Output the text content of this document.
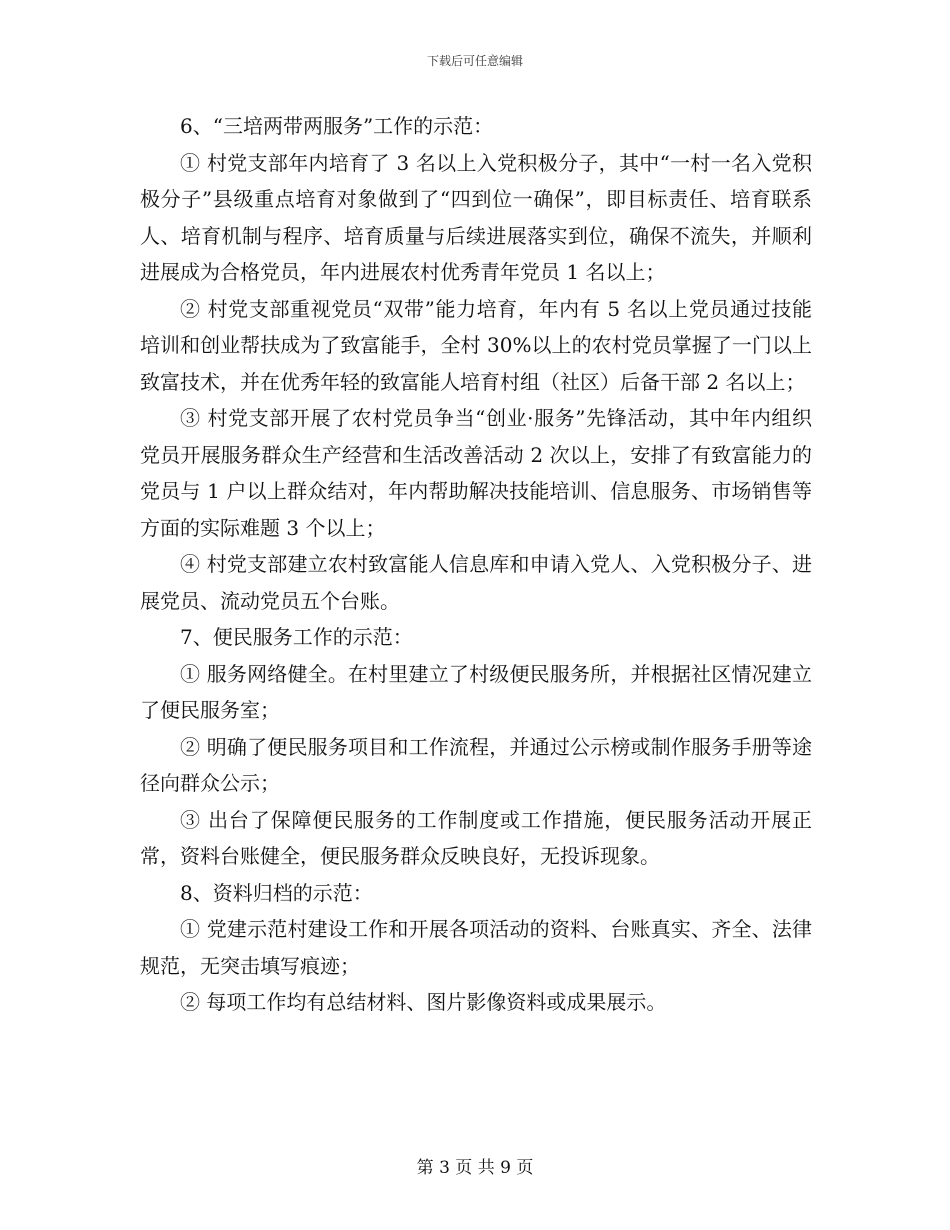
下载后可任意编辑

6、“三培两带两服务”工作的示范：

① 村党支部年内培育了 3 名以上入党积极分子，其中“一村一名入党积极分子”县级重点培育对象做到了“四到位一确保”，即目标责任、培育联系人、培育机制与程序、培育质量与后续进展落实到位，确保不流失，并顺利进展成为合格党员，年内进展农村优秀青年党员 1 名以上；

② 村党支部重视党员“双带”能力培育，年内有 5 名以上党员通过技能培训和创业帮扶成为了致富能手，全村 30%以上的农村党员掌握了一门以上致富技术，并在优秀年轻的致富能人培育村组（社区）后备干部 2 名以上；

③ 村党支部开展了农村党员争当“创业·服务”先锋活动，其中年内组织党员开展服务群众生产经营和生活改善活动 2 次以上，安排了有致富能力的党员与 1 户以上群众结对，年内帮助解决技能培训、信息服务、市场销售等方面的实际难题 3 个以上；

④ 村党支部建立农村致富能人信息库和申请入党人、入党积极分子、进展党员、流动党员五个台账。

7、便民服务工作的示范：

① 服务网络健全。在村里建立了村级便民服务所，并根据社区情况建立了便民服务室；

② 明确了便民服务项目和工作流程，并通过公示榜或制作服务手册等途径向群众公示；

③ 出台了保障便民服务的工作制度或工作措施，便民服务活动开展正常，资料台账健全，便民服务群众反映良好，无投诉现象。

8、资料归档的示范：

① 党建示范村建设工作和开展各项活动的资料、台账真实、齐全、法律规范，无突击填写痕迹；

② 每项工作均有总结材料、图片影像资料或成果展示。

第 3 页 共 9 页
